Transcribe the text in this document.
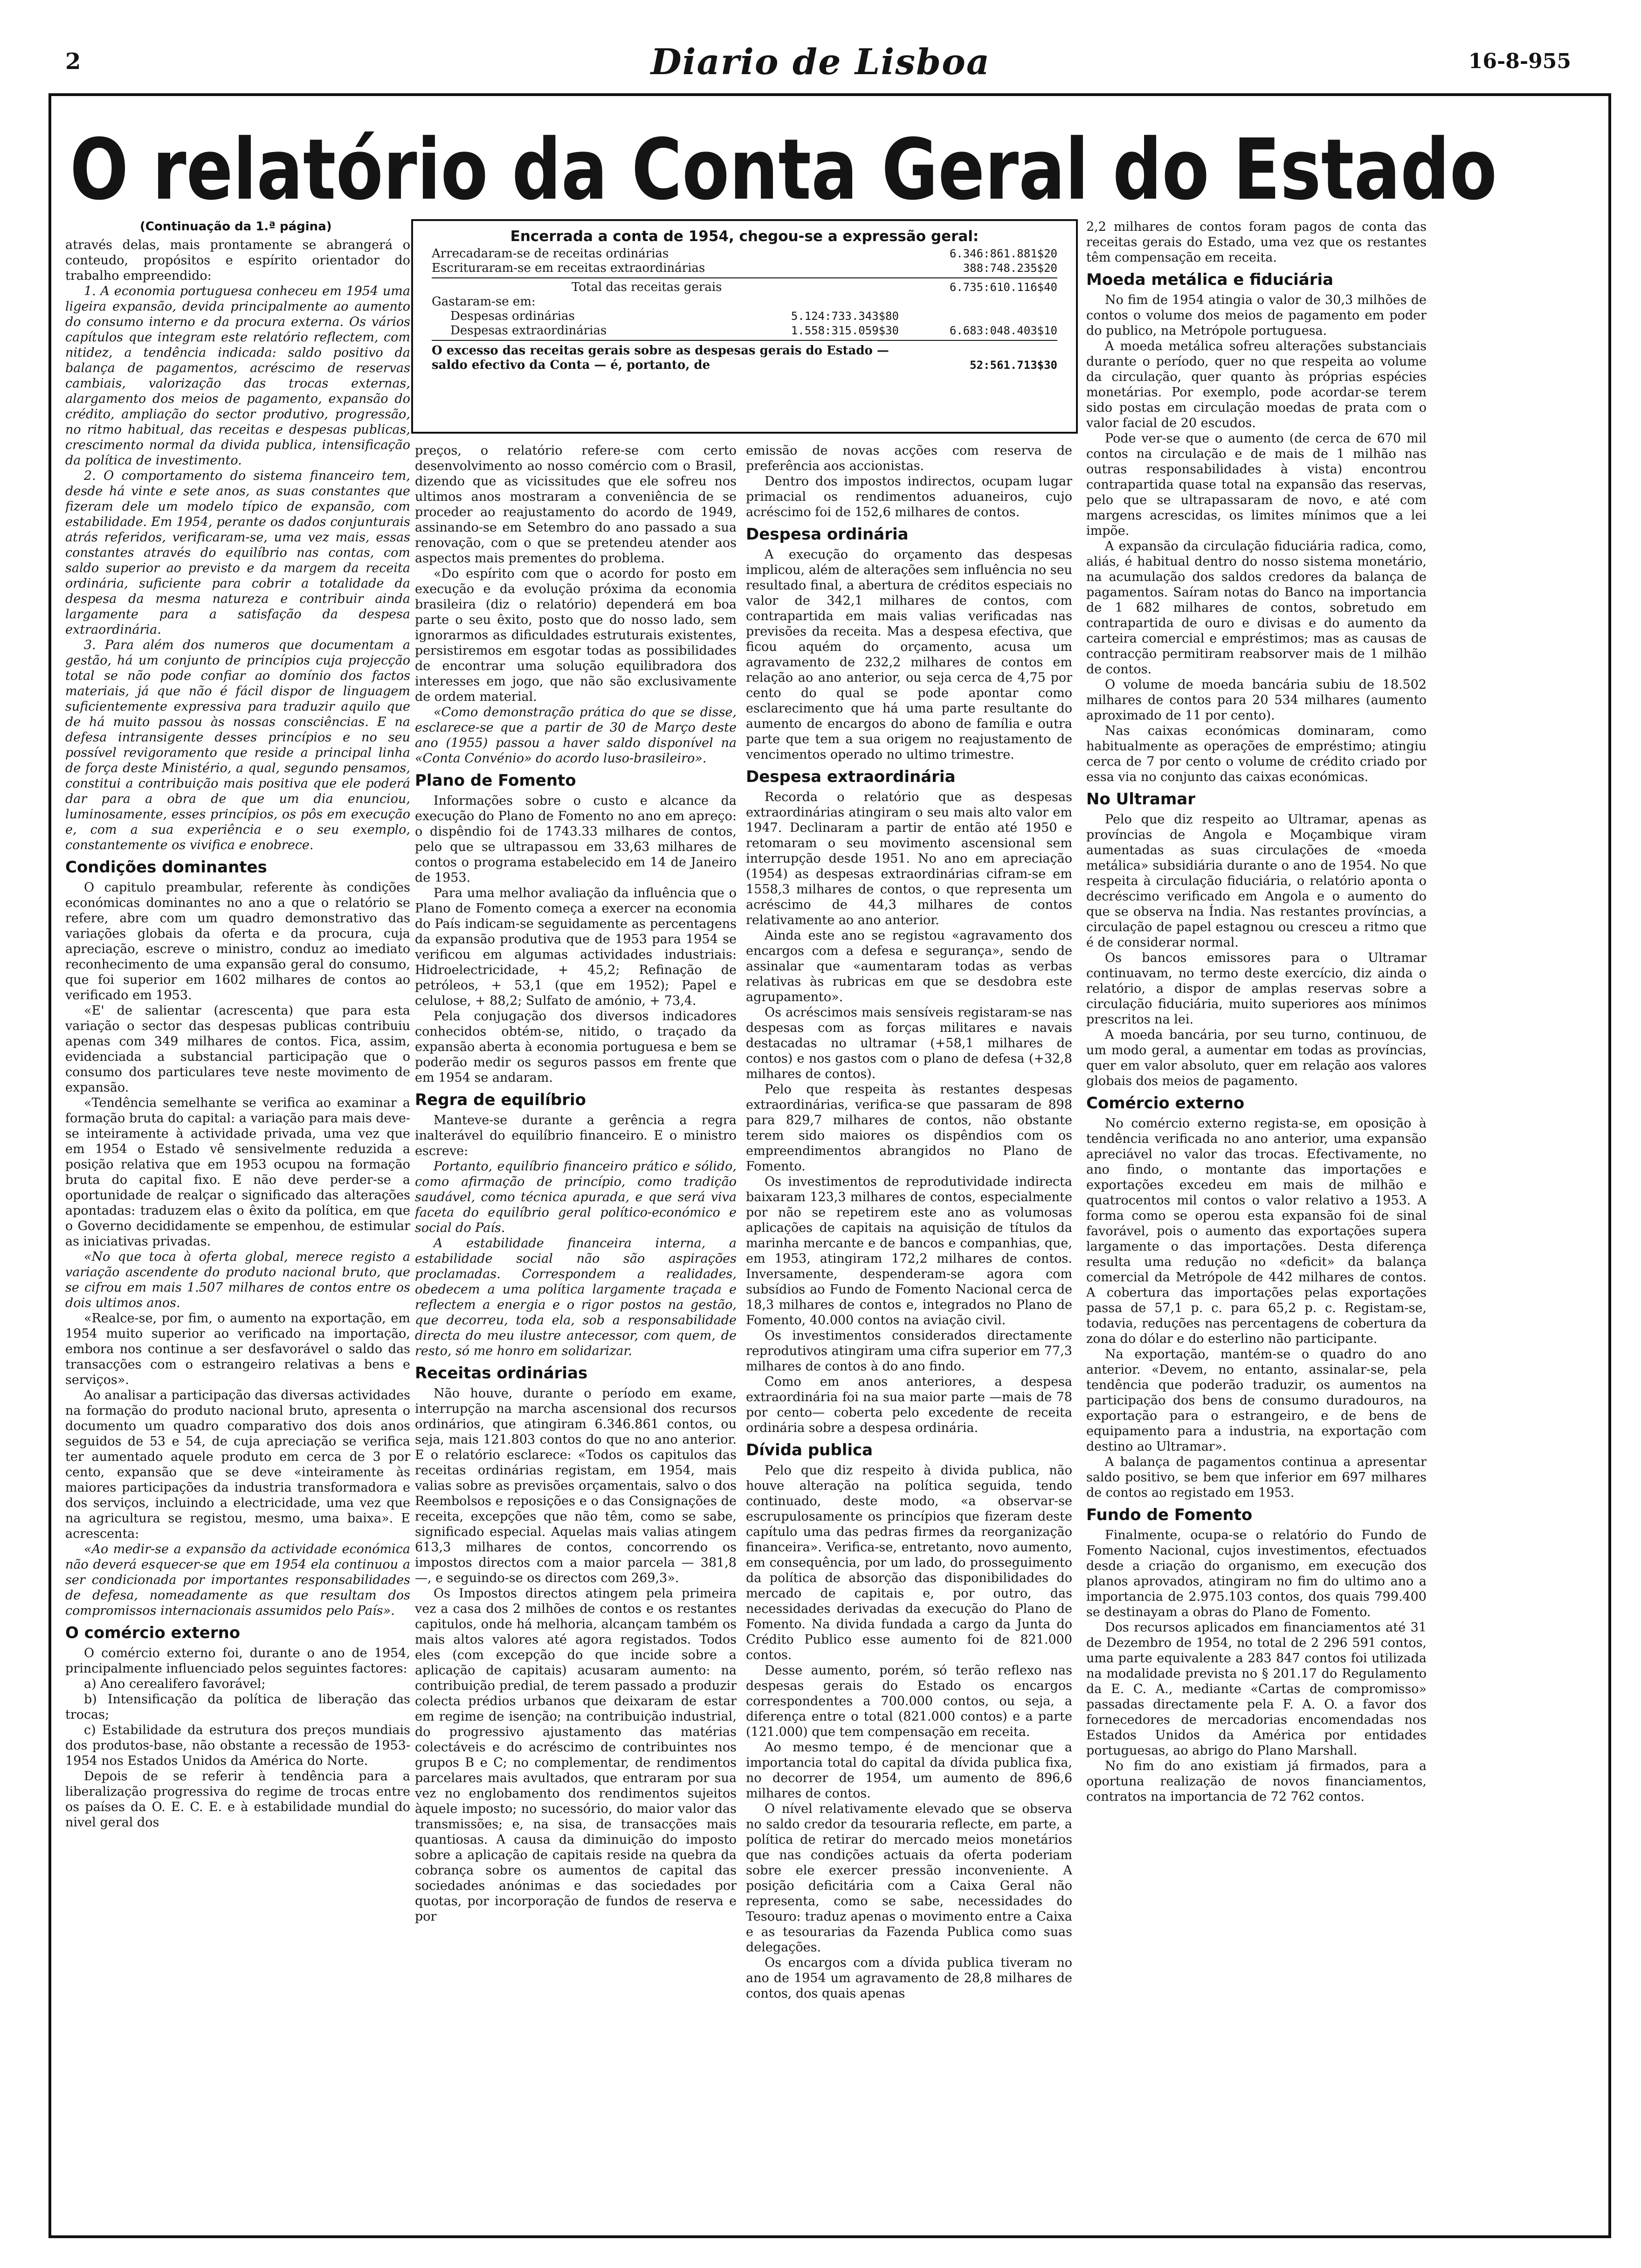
2	Diario de Lisboa	16-8-955
O relatório da Conta Geral do Estado
Encerrada a conta de 1954, chegou-se a expressão geral:
Arrecadaram-se de receitas ordinárias	6.346:861.881$20
Escrituraram-se em receitas extraordinárias	388:748.235$20
Total das receitas gerais	6.735:610.116$40
Gastaram-se em:
Despesas ordinárias	5.124:733.343$80
Despesas extraordinárias	1.558:315.059$30	6.683:048.403$10
O excesso das receitas gerais sobre as despesas gerais do Estado — saldo efectivo da Conta — é, portanto, de	52:561.713$30
(Continuação da 1.ª página)

através delas, mais prontamente se abrangerá o conteudo, propósitos e espírito orientador do trabalho empreendido:

1. A economia portuguesa conheceu em 1954 uma ligeira expansão, devida principalmente ao aumento do consumo interno e da procura externa. Os vários capítulos que integram este relatório reflectem, com nitidez, a tendência indicada: saldo positivo da balança de pagamentos, acréscimo de reservas cambiais, valorização das trocas externas, alargamento dos meios de pagamento, expansão do crédito, ampliação do sector produtivo, progressão, no ritmo habitual, das receitas e despesas publicas, crescimento normal da divida publica, intensificação da política de investimento.

2. O comportamento do sistema financeiro tem, desde há vinte e sete anos, as suas constantes que fizeram dele um modelo típico de expansão, com estabilidade. Em 1954, perante os dados conjunturais atrás referidos, verificaram-se, uma vez mais, essas constantes através do equilíbrio nas contas, com saldo superior ao previsto e da margem da receita ordinária, suficiente para cobrir a totalidade da despesa da mesma natureza e contribuir ainda largamente para a satisfação da despesa extraordinária.

3. Para além dos numeros que documentam a gestão, há um conjunto de princípios cuja projecção total se não pode confiar ao domínio dos factos materiais, já que não é fácil dispor de linguagem suficientemente expressiva para traduzir aquilo que de há muito passou às nossas consciências. E na defesa intransigente desses princípios e no seu possível revigoramento que reside a principal linha de força deste Ministério, a qual, segundo pensamos, constitui a contribuição mais positiva que ele poderá dar para a obra de que um dia enunciou, luminosamente, esses princípios, os pôs em execução e, com a sua experiência e o seu exemplo, constantemente os vivifica e enobrece.

Condições dominantes

O capitulo preambular, referente às condições económicas dominantes no ano a que o relatório se refere, abre com um quadro demonstrativo das variações globais da oferta e da procura, cuja apreciação, escreve o ministro, conduz ao imediato reconhecimento de uma expansão geral do consumo, que foi superior em 1602 milhares de contos ao verificado em 1953.

«E' de salientar (acrescenta) que para esta variação o sector das despesas publicas contribuiu apenas com 349 milhares de contos. Fica, assim, evidenciada a substancial participação que o consumo dos particulares teve neste movimento de expansão.

«Tendência semelhante se verifica ao examinar a formação bruta do capital: a variação para mais deve-se inteiramente à actividade privada, uma vez que em 1954 o Estado vê sensivelmente reduzida a posição relativa que em 1953 ocupou na formação bruta do capital fixo. E não deve perder-se a oportunidade de realçar o significado das alterações apontadas: traduzem elas o êxito da política, em que o Governo decididamente se empenhou, de estimular as iniciativas privadas.

«No que toca à oferta global, merece registo a variação ascendente do produto nacional bruto, que se cifrou em mais 1.507 milhares de contos entre os dois ultimos anos.

«Realce-se, por fim, o aumento na exportação, em 1954 muito superior ao verificado na importação, embora nos continue a ser desfavorável o saldo das transacções com o estrangeiro relativas a bens e serviços».

Ao analisar a participação das diversas actividades na formação do produto nacional bruto, apresenta o documento um quadro comparativo dos dois anos seguidos de 53 e 54, de cuja apreciação se verifica ter aumentado aquele produto em cerca de 3 por cento, expansão que se deve «inteiramente às maiores participações da industria transformadora e dos serviços, incluindo a electricidade, uma vez que na agricultura se registou, mesmo, uma baixa». E acrescenta:

«Ao medir-se a expansão da actividade económica não deverá esquecer-se que em 1954 ela continuou a ser condicionada por importantes responsabilidades de defesa, nomeadamente as que resultam dos compromissos internacionais assumidos pelo País».

O comércio externo

O comércio externo foi, durante o ano de 1954, principalmente influenciado pelos seguintes factores:

a) Ano cerealifero favorável;

b) Intensificação da política de liberação das trocas;

c) Estabilidade da estrutura dos preços mundiais dos produtos-base, não obstante a recessão de 1953-1954 nos Estados Unidos da América do Norte.

Depois de se referir à tendência para a liberalização progressiva do regime de trocas entre os países da O. E. C. E. e à estabilidade mundial do nivel geral dos

preços, o relatório refere-se com certo desenvolvimento ao nosso comércio com o Brasil, dizendo que as vicissitudes que ele sofreu nos ultimos anos mostraram a conveniência de se proceder ao reajustamento do acordo de 1949, assinando-se em Setembro do ano passado a sua renovação, com o que se pretendeu atender aos aspectos mais prementes do problema.

«Do espírito com que o acordo for posto em execução e da evolução próxima da economia brasileira (diz o relatório) dependerá em boa parte o seu êxito, posto que do nosso lado, sem ignorarmos as dificuldades estruturais existentes, persistiremos em esgotar todas as possibilidades de encontrar uma solução equilibradora dos interesses em jogo, que não são exclusivamente de ordem material.

«Como demonstração prática do que se disse, esclarece-se que a partir de 30 de Março deste ano (1955) passou a haver saldo disponível na «Conta Convénio» do acordo luso-brasileiro».

Plano de Fomento

Informações sobre o custo e alcance da execução do Plano de Fomento no ano em apreço: o dispêndio foi de 1743.33 milhares de contos, pelo que se ultrapassou em 33,63 milhares de contos o programa estabelecido em 14 de Janeiro de 1953.

Para uma melhor avaliação da influência que o Plano de Fomento começa a exercer na economia do País indicam-se seguidamente as percentagens da expansão produtiva que de 1953 para 1954 se verificou em algumas actividades industriais: Hidroelectricidade, + 45,2; Refinação de petróleos, + 53,1 (que em 1952); Papel e celulose, + 88,2; Sulfato de amónio, + 73,4.

Pela conjugação dos diversos indicadores conhecidos obtém-se, nitido, o traçado da expansão aberta à economia portuguesa e bem se poderão medir os seguros passos em frente que em 1954 se andaram.

Regra de equilíbrio

Manteve-se durante a gerência a regra inalterável do equilíbrio financeiro. E o ministro escreve:

Portanto, equilíbrio financeiro prático e sólido, como afirmação de princípio, como tradição saudável, como técnica apurada, e que será viva faceta do equilíbrio geral político-económico e social do País.

A estabilidade financeira interna, a estabilidade social não são aspirações proclamadas. Correspondem a realidades, obedecem a uma política largamente traçada e reflectem a energia e o rigor postos na gestão, que decorreu, toda ela, sob a responsabilidade directa do meu ilustre antecessor, com quem, de resto, só me honro em solidarizar.

Receitas ordinárias

Não houve, durante o período em exame, interrupção na marcha ascensional dos recursos ordinários, que atingiram 6.346.861 contos, ou seja, mais 121.803 contos do que no ano anterior. E o relatório esclarece: «Todos os capitulos das receitas ordinárias registam, em 1954, mais valias sobre as previsões orçamentais, salvo o dos Reembolsos e reposições e o das Consignações de receita, excepções que não têm, como se sabe, significado especial. Aquelas mais valias atingem 613,3 milhares de contos, concorrendo os impostos directos com a maior parcela — 381,8 —, e seguindo-se os directos com 269,3».

Os Impostos directos atingem pela primeira vez a casa dos 2 milhões de contos e os restantes capitulos, onde há melhoria, alcançam também os mais altos valores até agora registados. Todos eles (com excepção do que incide sobre a aplicação de capitais) acusaram aumento: na contribuição predial, de terem passado a produzir colecta prédios urbanos que deixaram de estar em regime de isenção; na contribuição industrial, do progressivo ajustamento das matérias colectáveis e do acréscimo de contribuintes nos grupos B e C; no complementar, de rendimentos parcelares mais avultados, que entraram por sua vez no englobamento dos rendimentos sujeitos àquele imposto; no sucessório, do maior valor das transmissões; e, na sisa, de transacções mais quantiosas. A causa da diminuição do imposto sobre a aplicação de capitais reside na quebra da cobrança sobre os aumentos de capital das sociedades anónimas e das sociedades por quotas, por incorporação de fundos de reserva e por

emissão de novas acções com reserva de preferência aos accionistas.

Dentro dos impostos indirectos, ocupam lugar primacial os rendimentos aduaneiros, cujo acréscimo foi de 152,6 milhares de contos.

Despesa ordinária

A execução do orçamento das despesas implicou, além de alterações sem influência no seu resultado final, a abertura de créditos especiais no valor de 342,1 milhares de contos, com contrapartida em mais valias verificadas nas previsões da receita. Mas a despesa efectiva, que ficou aquém do orçamento, acusa um agravamento de 232,2 milhares de contos em relação ao ano anterior, ou seja cerca de 4,75 por cento do qual se pode apontar como esclarecimento que há uma parte resultante do aumento de encargos do abono de família e outra parte que tem a sua origem no reajustamento de vencimentos operado no ultimo trimestre.

Despesa extraordinária

Recorda o relatório que as despesas extraordinárias atingiram o seu mais alto valor em 1947. Declinaram a partir de então até 1950 e retomaram o seu movimento ascensional sem interrupção desde 1951. No ano em apreciação (1954) as despesas extraordinárias cifram-se em 1558,3 milhares de contos, o que representa um acréscimo de 44,3 milhares de contos relativamente ao ano anterior.

Ainda este ano se registou «agravamento dos encargos com a defesa e segurança», sendo de assinalar que «aumentaram todas as verbas relativas às rubricas em que se desdobra este agrupamento».

Os acréscimos mais sensíveis registaram-se nas despesas com as forças militares e navais destacadas no ultramar (+58,1 milhares de contos) e nos gastos com o plano de defesa (+32,8 milhares de contos).

Pelo que respeita às restantes despesas extraordinárias, verifica-se que passaram de 898 para 829,7 milhares de contos, não obstante terem sido maiores os dispêndios com os empreendimentos abrangidos no Plano de Fomento.

Os investimentos de reprodutividade indirecta baixaram 123,3 milhares de contos, especialmente por não se repetirem este ano as volumosas aplicações de capitais na aquisição de títulos da marinha mercante e de bancos e companhias, que, em 1953, atingiram 172,2 milhares de contos. Inversamente, despenderam-se agora com subsídios ao Fundo de Fomento Nacional cerca de 18,3 milhares de contos e, integrados no Plano de Fomento, 40.000 contos na aviação civil.

Os investimentos considerados directamente reprodutivos atingiram uma cifra superior em 77,3 milhares de contos à do ano findo.

Como em anos anteriores, a despesa extraordinária foi na sua maior parte —mais de 78 por cento— coberta pelo excedente de receita ordinária sobre a despesa ordinária.

Dívida publica

Pelo que diz respeito à divida publica, não houve alteração na política seguida, tendo continuado, deste modo, «a observar-se escrupulosamente os princípios que fizeram deste capítulo uma das pedras firmes da reorganização financeira». Verifica-se, entretanto, novo aumento, em consequência, por um lado, do prosseguimento da política de absorção das disponibilidades do mercado de capitais e, por outro, das necessidades derivadas da execução do Plano de Fomento. Na divida fundada a cargo da Junta do Crédito Publico esse aumento foi de 821.000 contos.

Desse aumento, porém, só terão reflexo nas despesas gerais do Estado os encargos correspondentes a 700.000 contos, ou seja, a diferença entre o total (821.000 contos) e a parte (121.000) que tem compensação em receita.

Ao mesmo tempo, é de mencionar que a importancia total do capital da dívida publica fixa, no decorrer de 1954, um aumento de 896,6 milhares de contos.

O nível relativamente elevado que se observa no saldo credor da tesouraria reflecte, em parte, a política de retirar do mercado meios monetários que nas condições actuais da oferta poderiam sobre ele exercer pressão inconveniente. A posição deficitária com a Caixa Geral não representa, como se sabe, necessidades do Tesouro: traduz apenas o movimento entre a Caixa e as tesourarias da Fazenda Publica como suas delegações.

Os encargos com a dívida publica tiveram no ano de 1954 um agravamento de 28,8 milhares de contos, dos quais apenas

2,2 milhares de contos foram pagos de conta das receitas gerais do Estado, uma vez que os restantes têm compensação em receita.

Moeda metálica e fiduciária

No fim de 1954 atingia o valor de 30,3 milhões de contos o volume dos meios de pagamento em poder do publico, na Metrópole portuguesa.

A moeda metálica sofreu alterações substanciais durante o período, quer no que respeita ao volume da circulação, quer quanto às próprias espécies monetárias. Por exemplo, pode acordar-se terem sido postas em circulação moedas de prata com o valor facial de 20 escudos.

Pode ver-se que o aumento (de cerca de 670 mil contos na circulação e de mais de 1 milhão nas outras responsabilidades à vista) encontrou contrapartida quase total na expansão das reservas, pelo que se ultrapassaram de novo, e até com margens acrescidas, os limites mínimos que a lei impõe.

A expansão da circulação fiduciária radica, como, aliás, é habitual dentro do nosso sistema monetário, na acumulação dos saldos credores da balança de pagamentos. Saíram notas do Banco na importancia de 1 682 milhares de contos, sobretudo em contrapartida de ouro e divisas e do aumento da carteira comercial e empréstimos; mas as causas de contracção permitiram reabsorver mais de 1 milhão de contos.

O volume de moeda bancária subiu de 18.502 milhares de contos para 20 534 milhares (aumento aproximado de 11 por cento).

Nas caixas económicas dominaram, como habitualmente as operações de empréstimo; atingiu cerca de 7 por cento o volume de crédito criado por essa via no conjunto das caixas económicas.

No Ultramar

Pelo que diz respeito ao Ultramar, apenas as províncias de Angola e Moçambique viram aumentadas as suas circulações de «moeda metálica» subsidiária durante o ano de 1954. No que respeita à circulação fiduciária, o relatório aponta o decréscimo verificado em Angola e o aumento do que se observa na Índia. Nas restantes províncias, a circulação de papel estagnou ou cresceu a ritmo que é de considerar normal.

Os bancos emissores para o Ultramar continuavam, no termo deste exercício, diz ainda o relatório, a dispor de amplas reservas sobre a circulação fiduciária, muito superiores aos mínimos prescritos na lei.

A moeda bancária, por seu turno, continuou, de um modo geral, a aumentar em todas as províncias, quer em valor absoluto, quer em relação aos valores globais dos meios de pagamento.

Comércio externo

No comércio externo regista-se, em oposição à tendência verificada no ano anterior, uma expansão apreciável no valor das trocas. Efectivamente, no ano findo, o montante das importações e exportações excedeu em mais de milhão e quatrocentos mil contos o valor relativo a 1953. A forma como se operou esta expansão foi de sinal favorável, pois o aumento das exportações supera largamente o das importações. Desta diferença resulta uma redução no «deficit» da balança comercial da Metrópole de 442 milhares de contos. A cobertura das importações pelas exportações passa de 57,1 p. c. para 65,2 p. c. Registam-se, todavia, reduções nas percentagens de cobertura da zona do dólar e do esterlino não participante.

Na exportação, mantém-se o quadro do ano anterior. «Devem, no entanto, assinalar-se, pela tendência que poderão traduzir, os aumentos na participação dos bens de consumo duradouros, na exportação para o estrangeiro, e de bens de equipamento para a industria, na exportação com destino ao Ultramar».

A balança de pagamentos continua a apresentar saldo positivo, se bem que inferior em 697 milhares de contos ao registado em 1953.

Fundo de Fomento

Finalmente, ocupa-se o relatório do Fundo de Fomento Nacional, cujos investimentos, efectuados desde a criação do organismo, em execução dos planos aprovados, atingiram no fim do ultimo ano a importancia de 2.975.103 contos, dos quais 799.400 se destinayam a obras do Plano de Fomento.

Dos recursos aplicados em financiamentos até 31 de Dezembro de 1954, no total de 2 296 591 contos, uma parte equivalente a 283 847 contos foi utilizada na modalidade prevista no § 201.17 do Regulamento da E. C. A., mediante «Cartas de compromisso» passadas directamente pela F. A. O. a favor dos fornecedores de mercadorias encomendadas nos Estados Unidos da América por entidades portuguesas, ao abrigo do Plano Marshall.

No fim do ano existiam já firmados, para a oportuna realização de novos financiamentos, contratos na importancia de 72 762 contos.
